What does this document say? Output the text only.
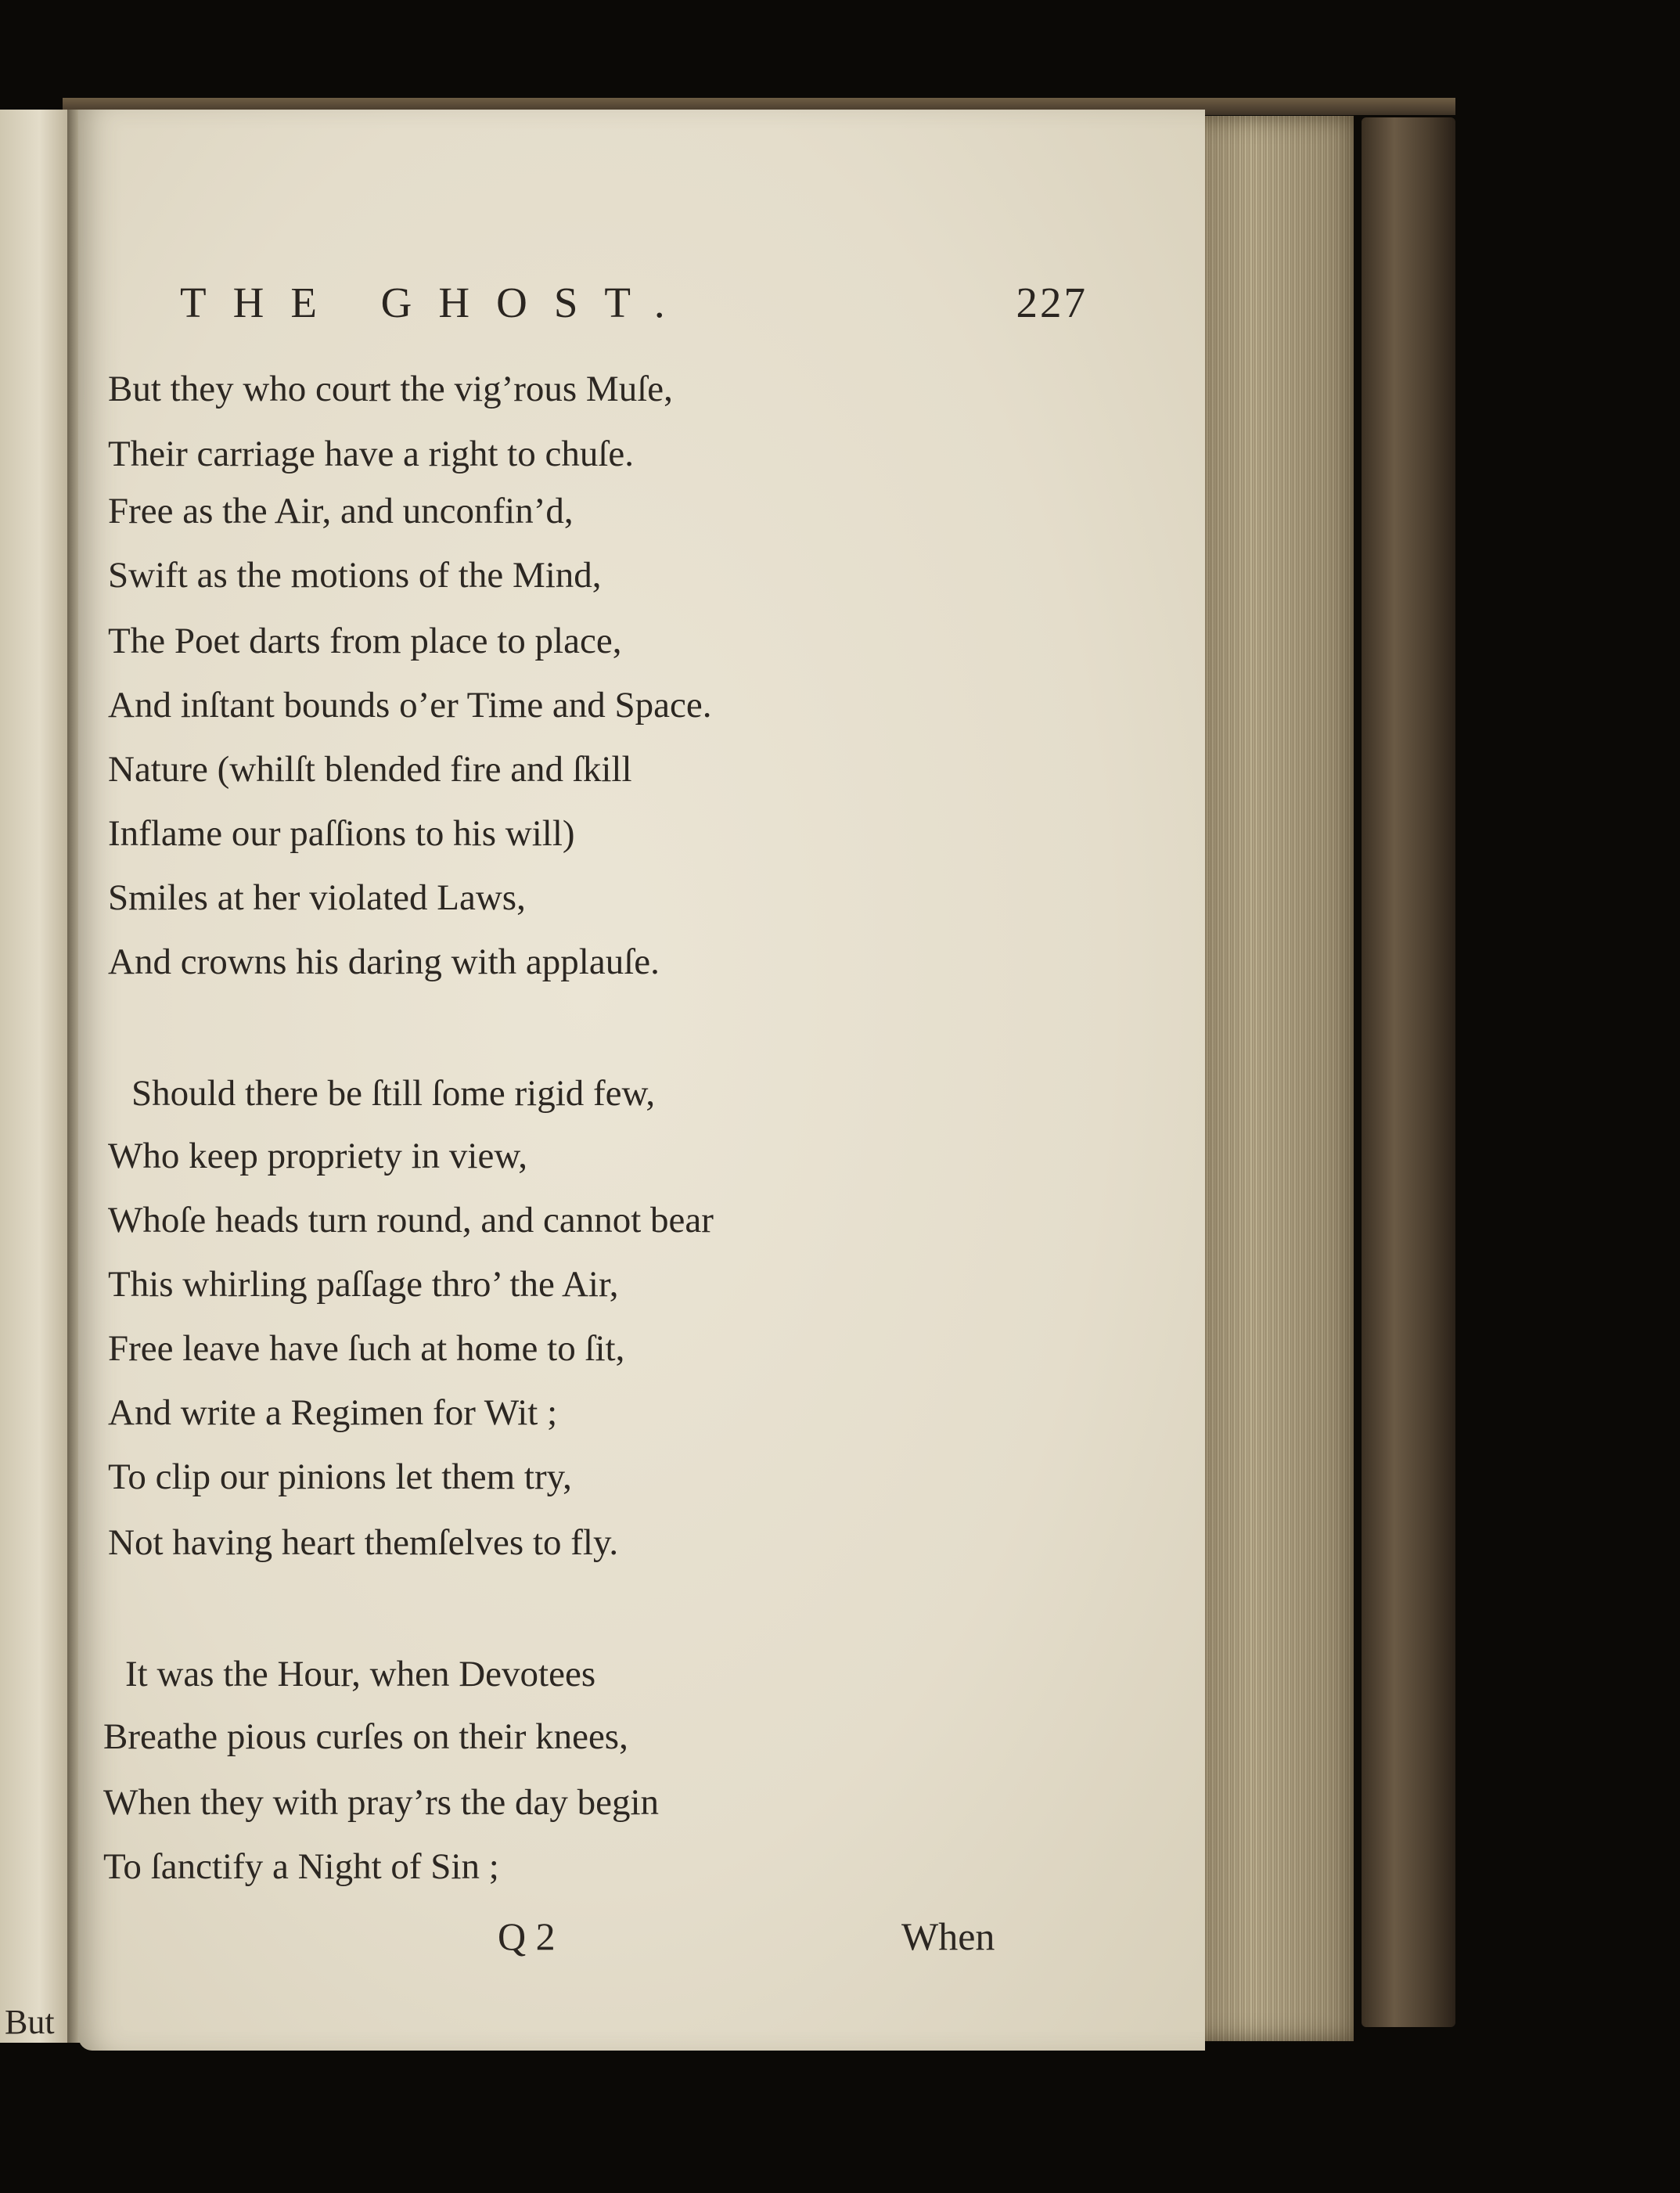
But
THE GHOST.	227
But they who court the vig’rous Muſe,
Their carriage have a right to chuſe.
Free as the Air, and unconfin’d,
Swift as the motions of the Mind,
The Poet darts from place to place,
And inſtant bounds o’er Time and Space.
Nature (whilſt blended fire and ſkill
Inflame our paſſions to his will)
Smiles at her violated Laws,
And crowns his daring with applauſe.
Should there be ſtill ſome rigid few,
Who keep propriety in view,
Whoſe heads turn round, and cannot bear
This whirling paſſage thro’ the Air,
Free leave have ſuch at home to ſit,
And write a Regimen for Wit ;
To clip our pinions let them try,
Not having heart themſelves to fly.
It was the Hour, when Devotees
Breathe pious curſes on their knees,
When they with pray’rs the day begin
To ſanctify a Night of Sin ;
Q 2	When
